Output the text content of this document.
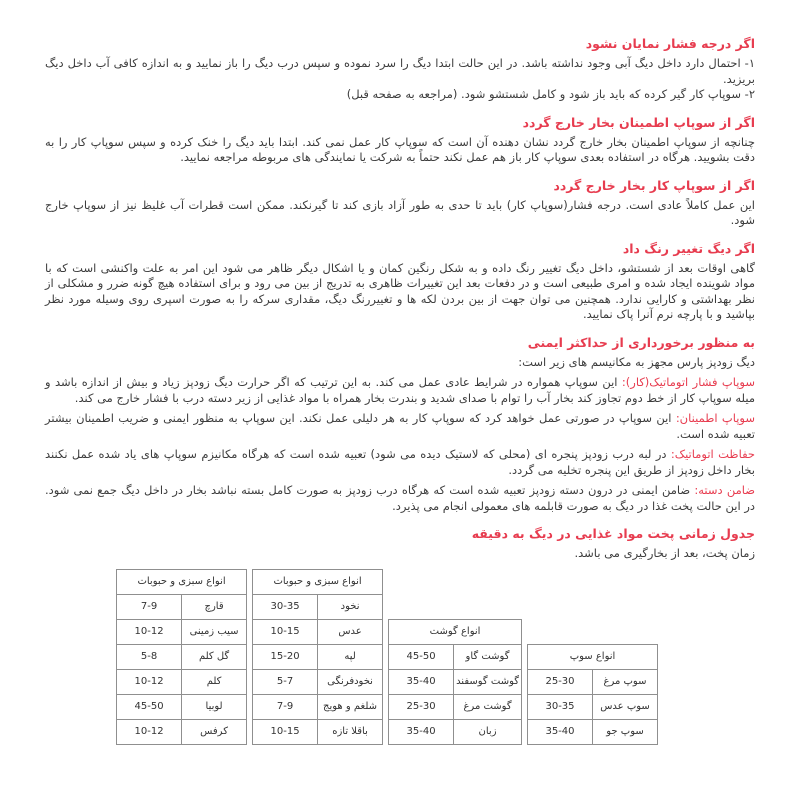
اگر درجه فشار نمایان نشود

۱- احتمال دارد داخل دیگ آبی وجود نداشته باشد. در این حالت ابتدا دیگ را سرد نموده و سپس درب دیگ را باز نمایید و به اندازه کافی آب داخل دیگ بریزید.

۲- سوپاپ کار گیر کرده که باید باز شود و کامل شستشو شود. (مراجعه به صفحه قبل)

اگر از سوپاپ اطمینان بخار خارج گردد

چنانچه از سوپاپ اطمینان بخار خارج گردد نشان دهنده آن است که سوپاپ کار عمل نمی کند. ابتدا باید دیگ را خنک کرده و سپس سوپاپ کار را به دقت بشویید. هرگاه در استفاده بعدی سوپاپ کار باز هم عمل نکند حتماً به شرکت یا نمایندگی های مربوطه مراجعه نمایید.

اگر از سوپاپ کار بخار خارج گردد

این عمل کاملاً عادی است. درجه فشار(سوپاپ کار) باید تا حدی به طور آزاد بازی کند تا گیرنکند. ممکن است قطرات آب غلیظ نیز از سوپاپ خارج شود.

اگر دیگ تغییر رنگ داد

گاهی اوقات بعد از شستشو، داخل دیگ تغییر رنگ داده و به شکل رنگین کمان و یا اشکال دیگر ظاهر می شود این امر به علت واکنشی است که با مواد شوینده ایجاد شده و امری طبیعی است و در دفعات بعد این تغییرات ظاهری به تدریج از بین می رود و برای استفاده هیچ گونه ضرر و مشکلی از نظر بهداشتی و کارایی ندارد. همچنین می توان جهت از بین بردن لکه ها و تغییررنگ دیگ، مقداری سرکه را به صورت اسپری روی وسیله مورد نظر بپاشید و با پارچه نرم آنرا پاک نمایید.

به منظور برخورداری از حداکثر ایمنی

دیگ زودپز پارس مجهز به مکانیسم های زیر است:

سوپاپ فشار اتوماتیک(کار): این سوپاپ همواره در شرایط عادی عمل می کند. به این ترتیب که اگر حرارت دیگ زودپز زیاد و بیش از اندازه باشد و میله سوپاپ کار از خط دوم تجاوز کند بخار آب را توام با صدای شدید و بندرت بخار همراه با مواد غذایی از زیر دسته درب با فشار خارج می کند.

سوپاپ اطمینان: این سوپاپ در صورتی عمل خواهد کرد که سوپاپ کار به هر دلیلی عمل نکند. این سوپاپ به منظور ایمنی و ضریب اطمینان بیشتر تعبیه شده است.

حفاظت اتوماتیک: در لبه درب زودپز پنجره ای (محلی که لاستیک دیده می شود) تعبیه شده است که هرگاه مکانیزم سوپاپ های یاد شده عمل نکنند بخار داخل زودپز از طریق این پنجره تخلیه می گردد.

ضامن دسته: ضامن ایمنی در درون دسته زودپز تعبیه شده است که هرگاه درب زودپز به صورت کامل بسته نباشد بخار در داخل دیگ جمع نمی شود. در این حالت پخت غذا در دیگ به صورت قابلمه های معمولی انجام می پذیرد.

جدول زمانی پخت مواد غذایی در دیگ به دقیقه

زمان پخت، بعد از بخارگیری می باشد.

انواع سوپ	
سوپ مرغ	25-30
سوپ عدس	30-35
سوپ جو	35-40
انواع گوشت	
گوشت گاو	45-50
گوشت گوسفند	35-40
گوشت مرغ	25-30
زبان	35-40
انواع سبزی و حبوبات	
نخود	30-35
عدس	10-15
لپه	15-20
نخودفرنگی	5-7
شلغم و هویج	7-9
باقلا تازه	10-15
انواع سبزی و حبوبات	
قارچ	7-9
سیب زمینی	10-12
گل کلم	5-8
کلم	10-12
لوبیا	45-50
کرفس	10-12
